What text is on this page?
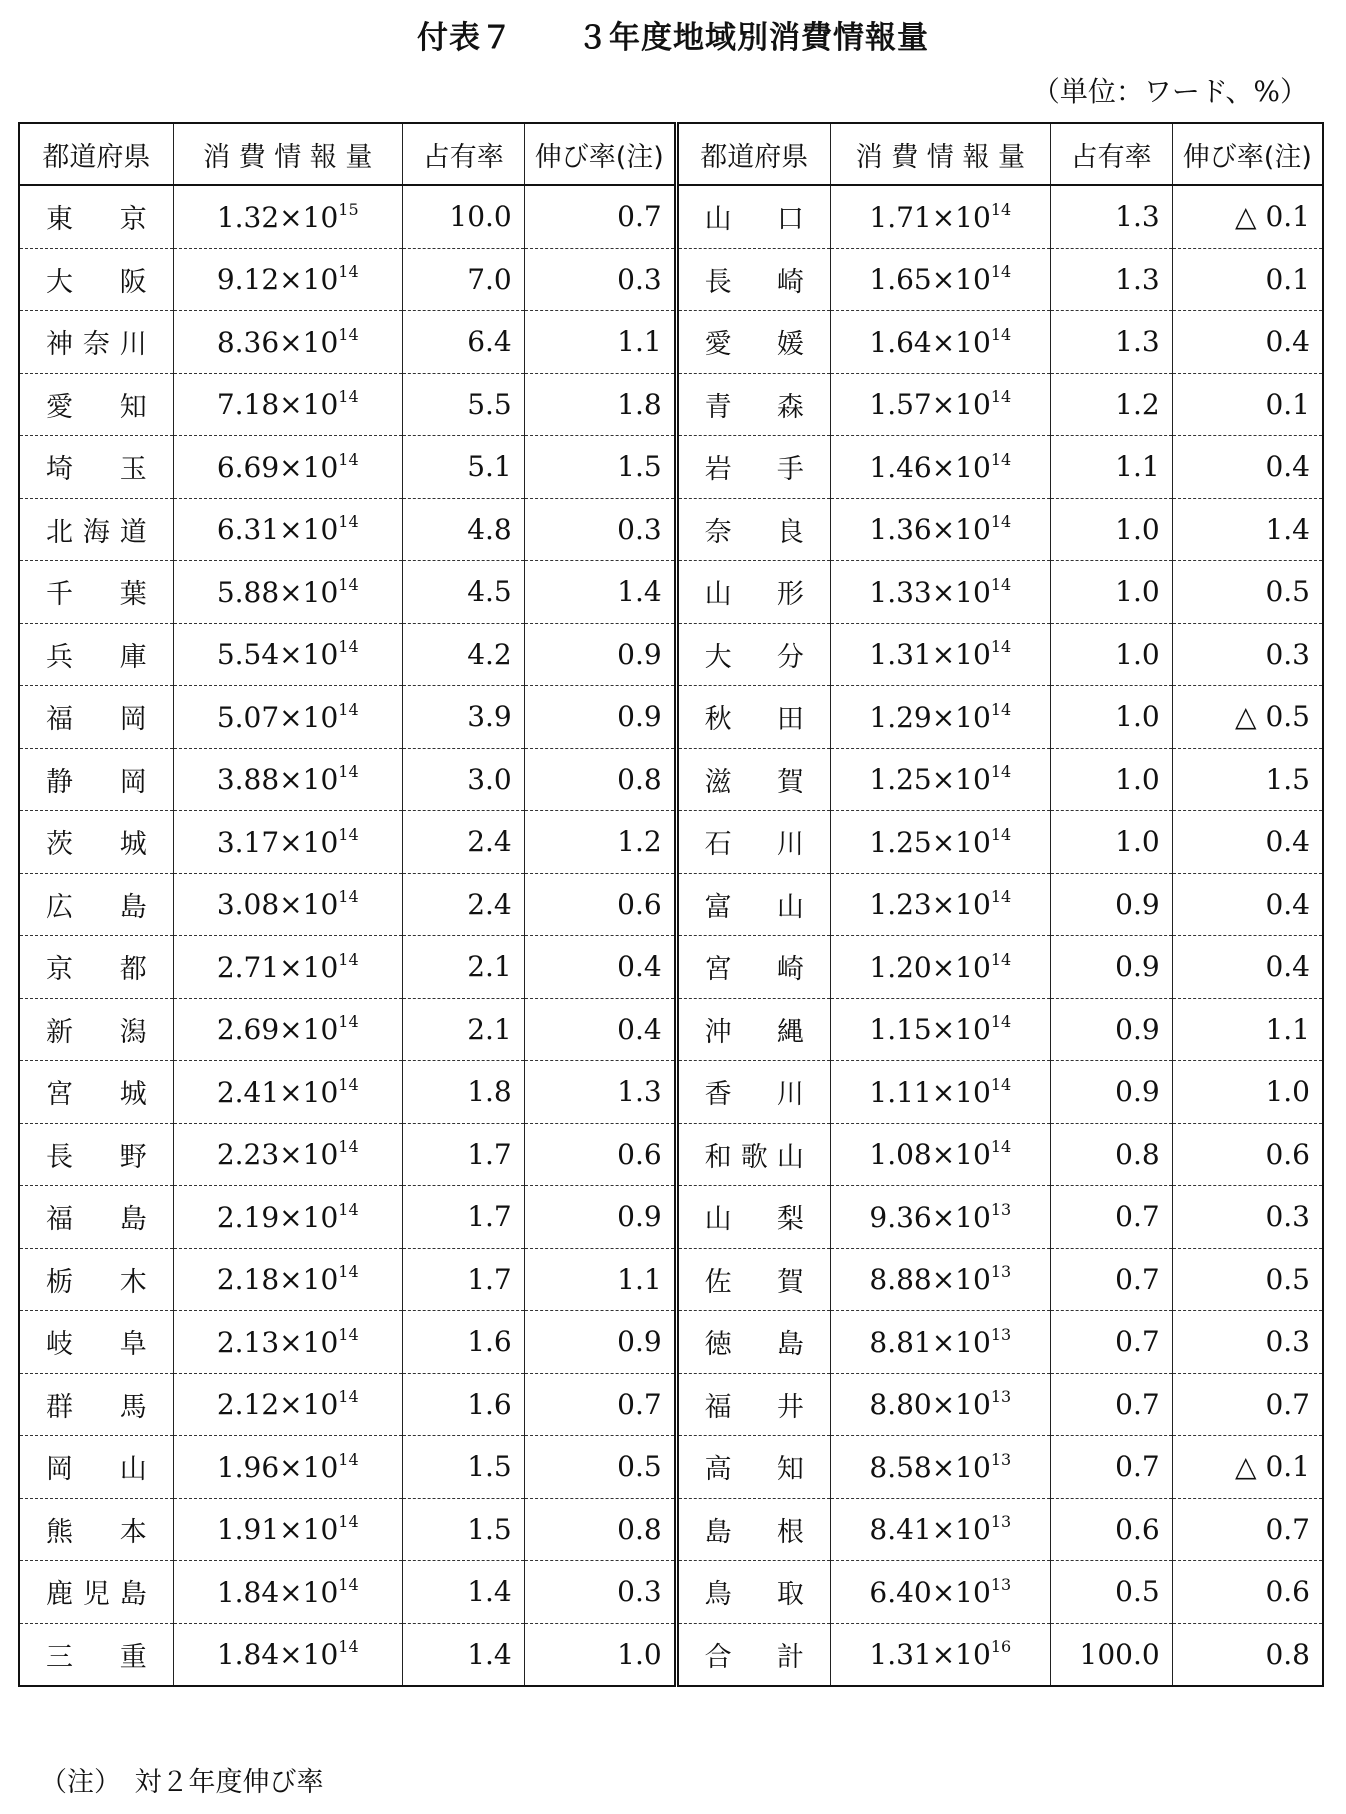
付表７　　３年度地域別消費情報量
（単位：ワード、%）
都道府県	消 費 情 報 量	占有率	伸び率(注)	都道府県	消 費 情 報 量	占有率	伸び率(注)
東京	$1.32\times 10^{15}$	10.0	0.7	山口	$1.71\times 10^{14}$	1.3	△ 0.1
大阪	$9.12\times 10^{14}$	7.0	0.3	長崎	$1.65\times 10^{14}$	1.3	0.1
神奈川	$8.36\times 10^{14}$	6.4	1.1	愛媛	$1.64\times 10^{14}$	1.3	0.4
愛知	$7.18\times 10^{14}$	5.5	1.8	青森	$1.57\times 10^{14}$	1.2	0.1
埼玉	$6.69\times 10^{14}$	5.1	1.5	岩手	$1.46\times 10^{14}$	1.1	0.4
北海道	$6.31\times 10^{14}$	4.8	0.3	奈良	$1.36\times 10^{14}$	1.0	1.4
千葉	$5.88\times 10^{14}$	4.5	1.4	山形	$1.33\times 10^{14}$	1.0	0.5
兵庫	$5.54\times 10^{14}$	4.2	0.9	大分	$1.31\times 10^{14}$	1.0	0.3
福岡	$5.07\times 10^{14}$	3.9	0.9	秋田	$1.29\times 10^{14}$	1.0	△ 0.5
静岡	$3.88\times 10^{14}$	3.0	0.8	滋賀	$1.25\times 10^{14}$	1.0	1.5
茨城	$3.17\times 10^{14}$	2.4	1.2	石川	$1.25\times 10^{14}$	1.0	0.4
広島	$3.08\times 10^{14}$	2.4	0.6	富山	$1.23\times 10^{14}$	0.9	0.4
京都	$2.71\times 10^{14}$	2.1	0.4	宮崎	$1.20\times 10^{14}$	0.9	0.4
新潟	$2.69\times 10^{14}$	2.1	0.4	沖縄	$1.15\times 10^{14}$	0.9	1.1
宮城	$2.41\times 10^{14}$	1.8	1.3	香川	$1.11\times 10^{14}$	0.9	1.0
長野	$2.23\times 10^{14}$	1.7	0.6	和歌山	$1.08\times 10^{14}$	0.8	0.6
福島	$2.19\times 10^{14}$	1.7	0.9	山梨	$9.36\times 10^{13}$	0.7	0.3
栃木	$2.18\times 10^{14}$	1.7	1.1	佐賀	$8.88\times 10^{13}$	0.7	0.5
岐阜	$2.13\times 10^{14}$	1.6	0.9	徳島	$8.81\times 10^{13}$	0.7	0.3
群馬	$2.12\times 10^{14}$	1.6	0.7	福井	$8.80\times 10^{13}$	0.7	0.7
岡山	$1.96\times 10^{14}$	1.5	0.5	高知	$8.58\times 10^{13}$	0.7	△ 0.1
熊本	$1.91\times 10^{14}$	1.5	0.8	島根	$8.41\times 10^{13}$	0.6	0.7
鹿児島	$1.84\times 10^{14}$	1.4	0.3	鳥取	$6.40\times 10^{13}$	0.5	0.6
三重	$1.84\times 10^{14}$	1.4	1.0	合計	$1.31\times 10^{16}$	100.0	0.8
（注）　対２年度伸び率
